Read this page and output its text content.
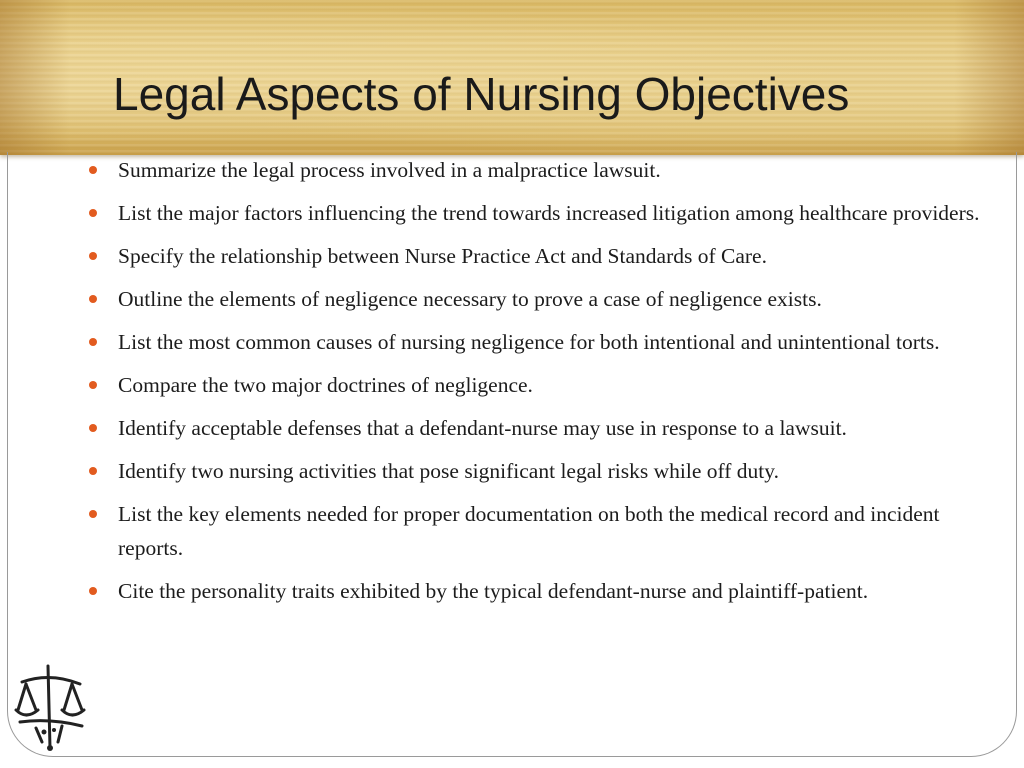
Legal Aspects of Nursing Objectives
Summarize the legal process involved in a malpractice lawsuit.
List the major factors influencing the trend towards increased litigation among healthcare providers.
Specify the relationship between Nurse Practice Act and Standards of Care.
Outline the elements of negligence necessary to prove a case of negligence exists.
List the most common causes of nursing negligence for both intentional and unintentional torts.
Compare the two major doctrines of negligence.
Identify acceptable defenses that a defendant-nurse may use in response to a lawsuit.
Identify two nursing activities that pose significant legal risks while off duty.
List the key elements needed for proper documentation on both the medical record and incident reports.
Cite the personality traits exhibited by the typical defendant-nurse and plaintiff-patient.
